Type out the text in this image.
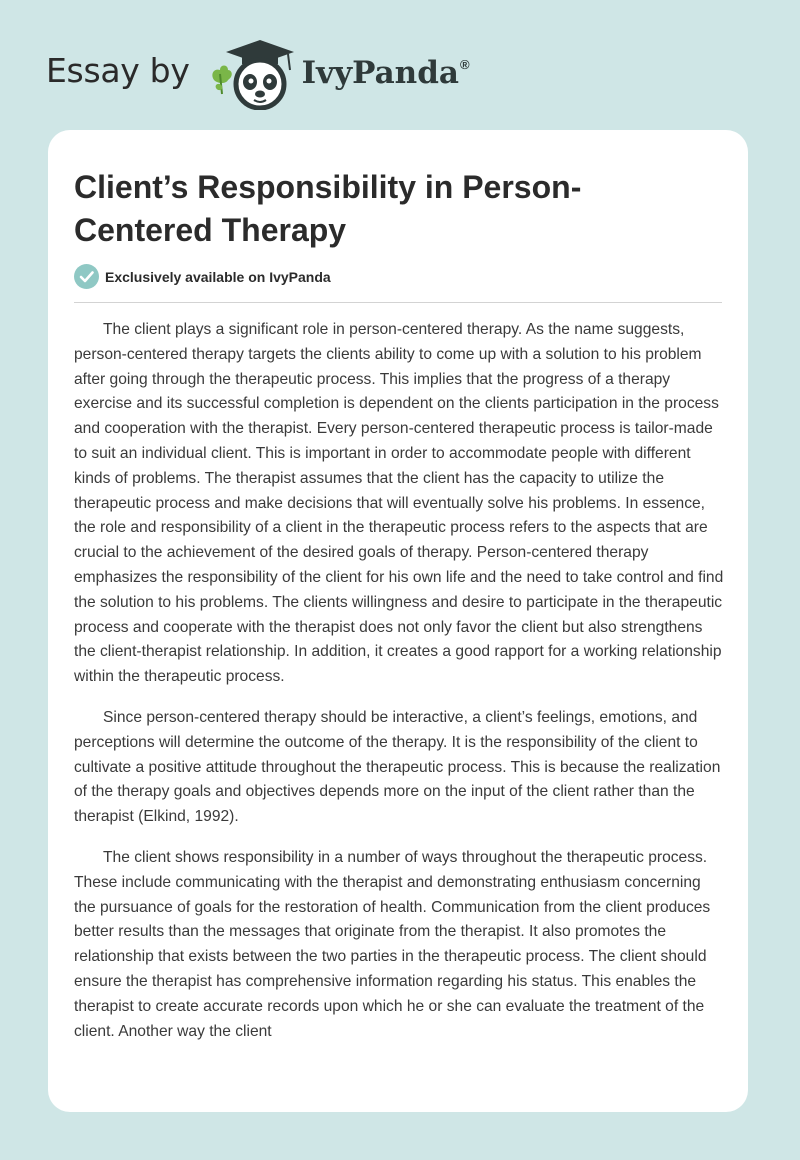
Essay by	IvyPanda®
Client’s Responsibility in Person-Centered Therapy
Exclusively available on IvyPanda

The client plays a significant role in person-centered therapy. As the name suggests, person-centered therapy targets the clients ability to come up with a solution to his problem after going through the therapeutic process. This implies that the progress of a therapy exercise and its successful completion is dependent on the clients participation in the process and cooperation with the therapist. Every person-centered therapeutic process is tailor-made to suit an individual client. This is important in order to accommodate people with different kinds of problems. The therapist assumes that the client has the capacity to utilize the therapeutic process and make decisions that will eventually solve his problems. In essence, the role and responsibility of a client in the therapeutic process refers to the aspects that are crucial to the achievement of the desired goals of therapy. Person-centered therapy emphasizes the responsibility of the client for his own life and the need to take control and find the solution to his problems. The clients willingness and desire to participate in the therapeutic process and cooperate with the therapist does not only favor the client but also strengthens the client-therapist relationship. In addition, it creates a good rapport for a working relationship within the therapeutic process.

Since person-centered therapy should be interactive, a client’s feelings, emotions, and perceptions will determine the outcome of the therapy. It is the responsibility of the client to cultivate a positive attitude throughout the therapeutic process. This is because the realization of the therapy goals and objectives depends more on the input of the client rather than the therapist (Elkind, 1992).

The client shows responsibility in a number of ways throughout the therapeutic process. These include communicating with the therapist and demonstrating enthusiasm concerning the pursuance of goals for the restoration of health. Communication from the client produces better results than the messages that originate from the therapist. It also promotes the relationship that exists between the two parties in the therapeutic process. The client should ensure the therapist has comprehensive information regarding his status. This enables the therapist to create accurate records upon which he or she can evaluate the treatment of the client. Another way the client
